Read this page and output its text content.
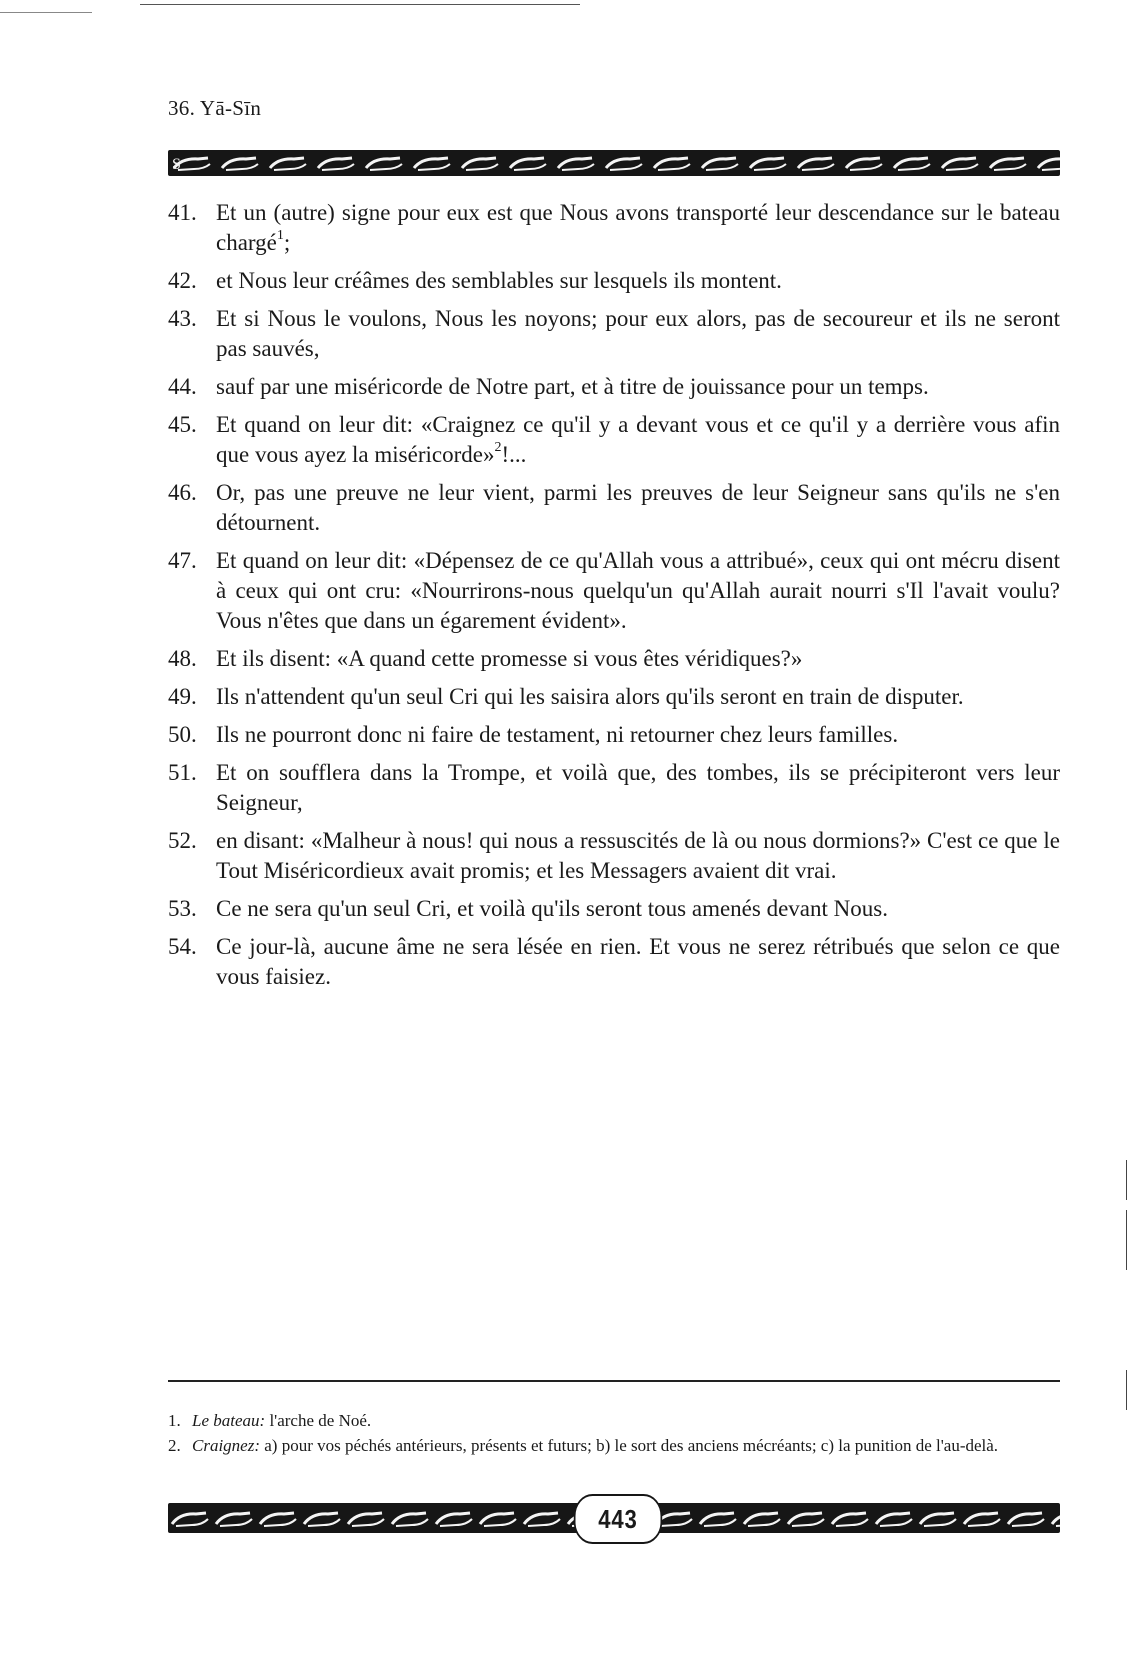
36. Yā-Sīn
S
41. Et un (autre) signe pour eux est que Nous avons transporté leur descendance sur le bateau chargé$^1$;
42. et Nous leur créâmes des semblables sur lesquels ils montent.
43. Et si Nous le voulons, Nous les noyons; pour eux alors, pas de secoureur et ils ne seront pas sauvés,
44. sauf par une miséricorde de Notre part, et à titre de jouissance pour un temps.
45. Et quand on leur dit: «Craignez ce qu'il y a devant vous et ce qu'il y a derrière vous afin que vous ayez la miséricorde»$^2$!...
46. Or, pas une preuve ne leur vient, parmi les preuves de leur Seigneur sans qu'ils ne s'en détournent.
47. Et quand on leur dit: «Dépensez de ce qu'Allah vous a attribué», ceux qui ont mécru disent à ceux qui ont cru: «Nourrirons-nous quelqu'un qu'Allah aurait nourri s'Il l'avait voulu? Vous n'êtes que dans un égarement évident».
48. Et ils disent: «A quand cette promesse si vous êtes véridiques?»
49. Ils n'attendent qu'un seul Cri qui les saisira alors qu'ils seront en train de disputer.
50. Ils ne pourront donc ni faire de testament, ni retourner chez leurs familles.
51. Et on soufflera dans la Trompe, et voilà que, des tombes, ils se précipiteront vers leur Seigneur,
52. en disant: «Malheur à nous! qui nous a ressuscités de là ou nous dormions?» C'est ce que le Tout Miséricordieux avait promis; et les Messagers avaient dit vrai.
53. Ce ne sera qu'un seul Cri, et voilà qu'ils seront tous amenés devant Nous.
54. Ce jour-là, aucune âme ne sera lésée en rien. Et vous ne serez rétribués que selon ce que vous faisiez.
1. Le bateau: l'arche de Noé.
2. Craignez: a) pour vos péchés antérieurs, présents et futurs; b) le sort des anciens mécréants; c) la punition de l'au-delà.
443
